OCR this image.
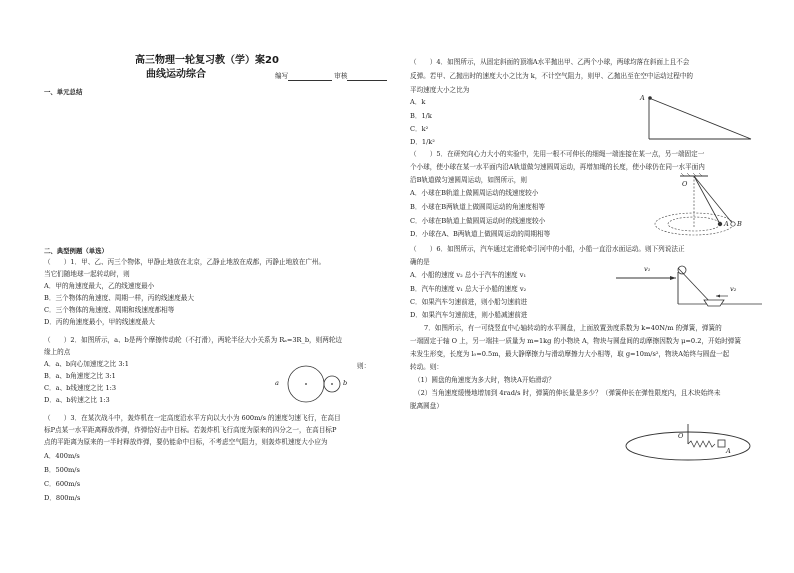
高三物理一轮复习教（学）案20
曲线运动综合	编写	审核
一、单元总结
二、典型例题（单选）
（　　）1．甲、乙、丙三个物体，甲静止地放在北京，乙静止地放在成都，丙静止地放在广州。
当它们随地球一起转动时，则
A．甲的角速度最大，乙的线速度最小
B．三个物体的角速度、周期一样，丙的线速度最大
C．三个物体的角速度、周期和线速度都相等
D．丙的角速度最小，甲的线速度最大
（　　）2．如图所示，a、b是两个摩擦传动轮（不打滑），两轮半径大小关系为 Rₐ=3R_b，则两轮边
缘上的点
A．a、b向心加速度之比 3:1
B．a、b角速度之比 3:1
C．a、b线速度之比 1:3
D．a、b转速之比 1:3
a	b
则：
（　　）3．在某次战斗中，轰炸机在一定高度沿水平方向以大小为 600m/s 的速度匀速飞行，在高目
标P点某一水平距离释放炸弹，炸弹恰好击中目标。若轰炸机飞行高度为原来的四分之一，在高目标P
点的平距离为原来的一半时释放炸弹，要仍能命中目标，不考虑空气阻力，则轰炸机速度大小应为
A．400m/s
B．500m/s
C．600m/s
D．800m/s
（　　）4．如图所示，从固定斜面的顶端A水平抛出甲、乙两个小球，两球均落在斜面上且不会
反弹。若甲、乙抛出时的速度大小之比为 k，不计空气阻力，则甲、乙抛出至在空中运动过程中的
平均速度大小之比为
A．k
B．1/k
C．k²
D．1/k²
A
（　　）5．在研究向心力大小的实验中，先用一根不可伸长的细绳一端连接在某一点，另一端固定一
个小球，使小球在某一水平面内沿A轨道做匀速圆周运动，再增加绳的长度，使小球仍在同一水平面内
沿B轨道做匀速圆周运动，如图所示，则
A．小球在B轨道上做圆周运动的线速度较小
B．小球在B两轨道上做圆周运动的角速度相等
C．小球在B轨道上做圆周运动时的线速度较小
D．小球在A、B两轨道上做圆周运动的周期相等
O
A B
（　　）6．如图所示，汽车通过定滑轮牵引河中的小船，小船一直沿水面运动。则下列说法正
确的是
A．小船的速度 v₂ 总小于汽车的速度 v₁
B．汽车的速度 v₁ 总大于小船的速度 v₂
C．如果汽车匀速前进，则小船匀速前进
D．如果汽车匀速前进，则小船减速前进
v₁
v₂
7．如图所示，有一可绕竖直中心轴转动的水平圆盘，上面放置劲度系数为 k=40N/m 的弹簧，弹簧的
一端固定于轴 O 上，另一端挂一质量为 m=1kg 的小物块 A，物块与圆盘间的动摩擦因数为 μ=0.2，开始时弹簧
未发生形变，长度为 l₀=0.5m，最大静摩擦力与滑动摩擦力大小相等，取 g=10m/s²，物块A始终与圆盘一起
转动。则：
（1）圆盘的角速度为多大时，物块A开始滑动？
（2）当角速度缓慢地增加到 4rad/s 时，弹簧的伸长量是多少？（弹簧伸长在弹性限度内，且木块始终未
脱离圆盘）
O
A
